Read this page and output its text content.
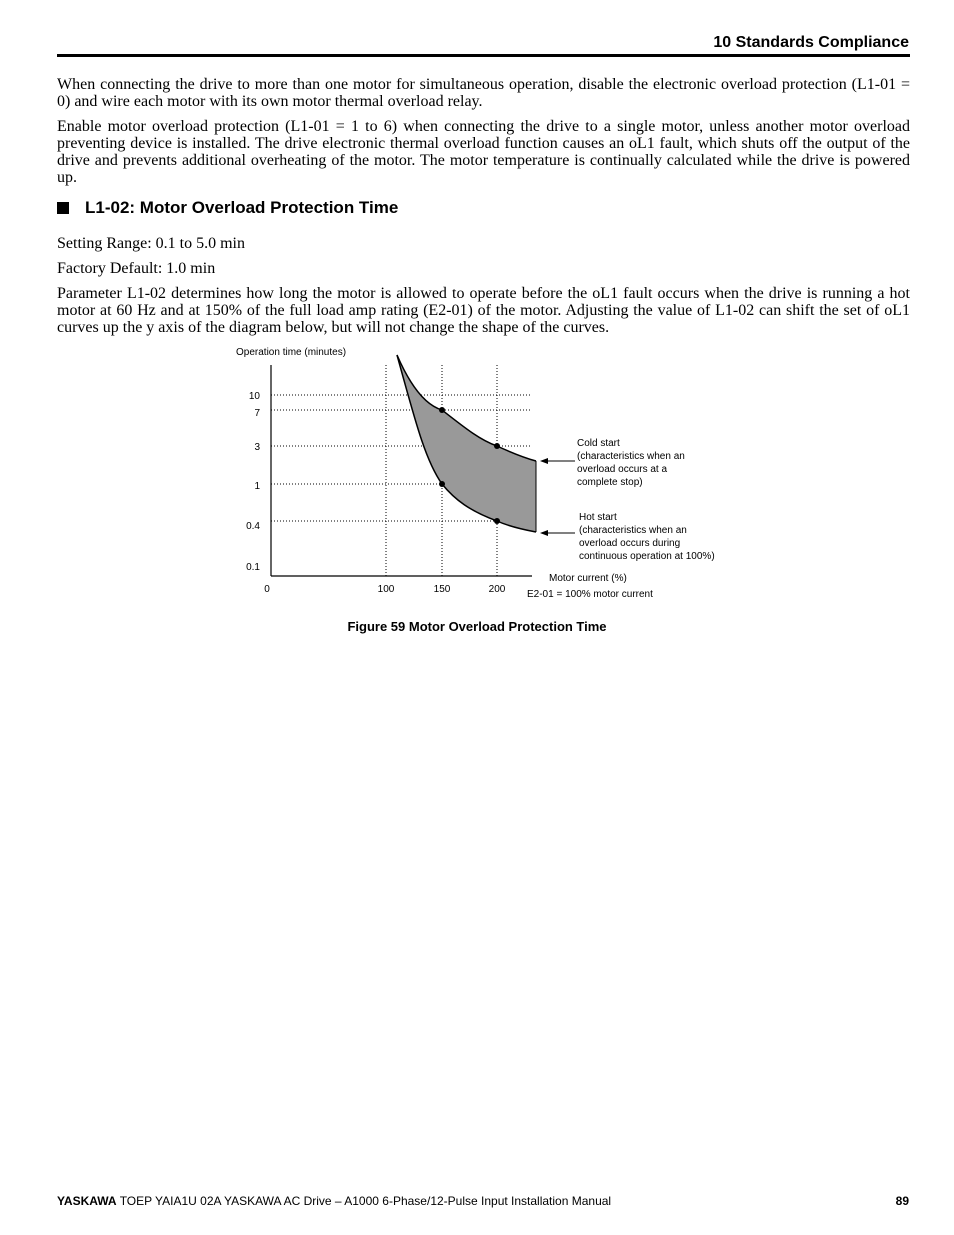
10 Standards Compliance

When connecting the drive to more than one motor for simultaneous operation, disable the electronic overload protection (L1-01 = 0) and wire each motor with its own motor thermal overload relay.

Enable motor overload protection (L1-01 = 1 to 6) when connecting the drive to a single motor, unless another motor overload preventing device is installed. The drive electronic thermal overload function causes an oL1 fault, which shuts off the output of the drive and prevents additional overheating of the motor. The motor temperature is continually calculated while the drive is powered up.

L1-02: Motor Overload Protection Time
Setting Range: 0.1 to 5.0 min
Factory Default: 1.0 min

Parameter L1-02 determines how long the motor is allowed to operate before the oL1 fault occurs when the drive is running a hot motor at 60 Hz and at 150% of the full load amp rating (E2-01) of the motor. Adjusting the value of L1-02 can shift the set of oL1 curves up the y axis of the diagram below, but will not change the shape of the curves.

Operation time (minutes)
10
7
3
1
0.4
0.1
0	100	150	200
Motor current (%)
E2-01 = 100% motor current
Cold start
(characteristics when an
overload occurs at a
complete stop)
Hot start
(characteristics when an
overload occurs during
continuous operation at 100%)
Figure 59 Motor Overload Protection Time
YASKAWA TOEP YAIA1U 02A YASKAWA AC Drive – A1000 6-Phase/12-Pulse Input Installation Manual	89
